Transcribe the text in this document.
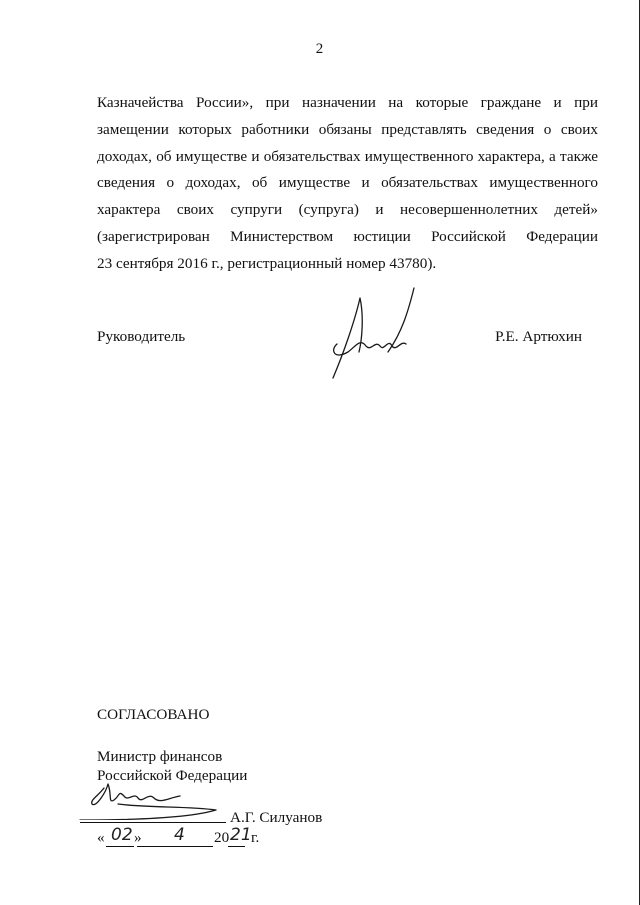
2
Казначейства России», при назначении на которые граждане и при
замещении которых работники обязаны представлять сведения о своих
доходах, об имуществе и обязательствах имущественного характера, а также
сведения о доходах, об имуществе и обязательствах имущественного
характера своих супруги (супруга) и несовершеннолетних детей»
(зарегистрирован Министерством юстиции Российской Федерации
23 сентября 2016 г., регистрационный номер 43780).
Руководитель	Р.Е. Артюхин
СОГЛАСОВАНО
Министр финансов
Российской Федерации
А.Г. Силуанов
« 02 » 4 20 21 г.
